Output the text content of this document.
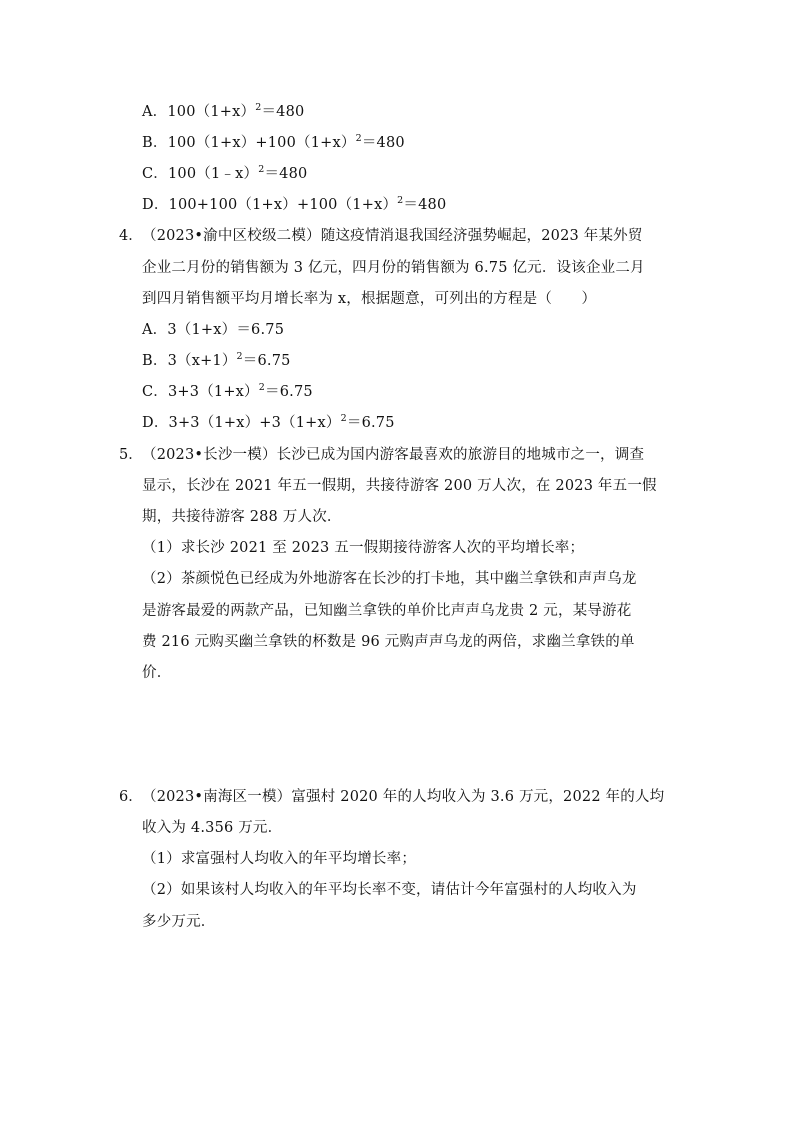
A．$100(1+x)^2=480$
B．$100(1+x)+100(1+x)^2=480$
C．100（1﹣x）$^2$＝480
D．$100+100(1+x)+100(1+x)^2=480$
4． （2023•渝中区校级二模）随这疫情消退我国经济强势崛起，2023 年某外贸
企业二月份的销售额为 3 亿元，四月份的销售额为 6.75 亿元．设该企业二月
到四月销售额平均月增长率为 x，根据题意，可列出的方程是（　　）
A．3（1+x）＝6.75
B．$3(x+1)^2=6.75$
C．$3+3(1+x)^2=6.75$
D．$3+3(1+x)+3(1+x)^2=6.75$
5． （2023•长沙一模）长沙已成为国内游客最喜欢的旅游目的地城市之一，调查
显示，长沙在 2021 年五一假期，共接待游客 200 万人次，在 2023 年五一假
期，共接待游客 288 万人次．
（1）求长沙 2021 至 2023 五一假期接待游客人次的平均增长率；
（2）茶颜悦色已经成为外地游客在长沙的打卡地，其中幽兰拿铁和声声乌龙
是游客最爱的两款产品，已知幽兰拿铁的单价比声声乌龙贵 2 元，某导游花
费 216 元购买幽兰拿铁的杯数是 96 元购声声乌龙的两倍，求幽兰拿铁的单
价．
6． （2023•南海区一模）富强村 2020 年的人均收入为 3.6 万元，2022 年的人均
收入为 4.356 万元．
（1）求富强村人均收入的年平均增长率；
（2）如果该村人均收入的年平均长率不变，请估计今年富强村的人均收入为
多少万元．
